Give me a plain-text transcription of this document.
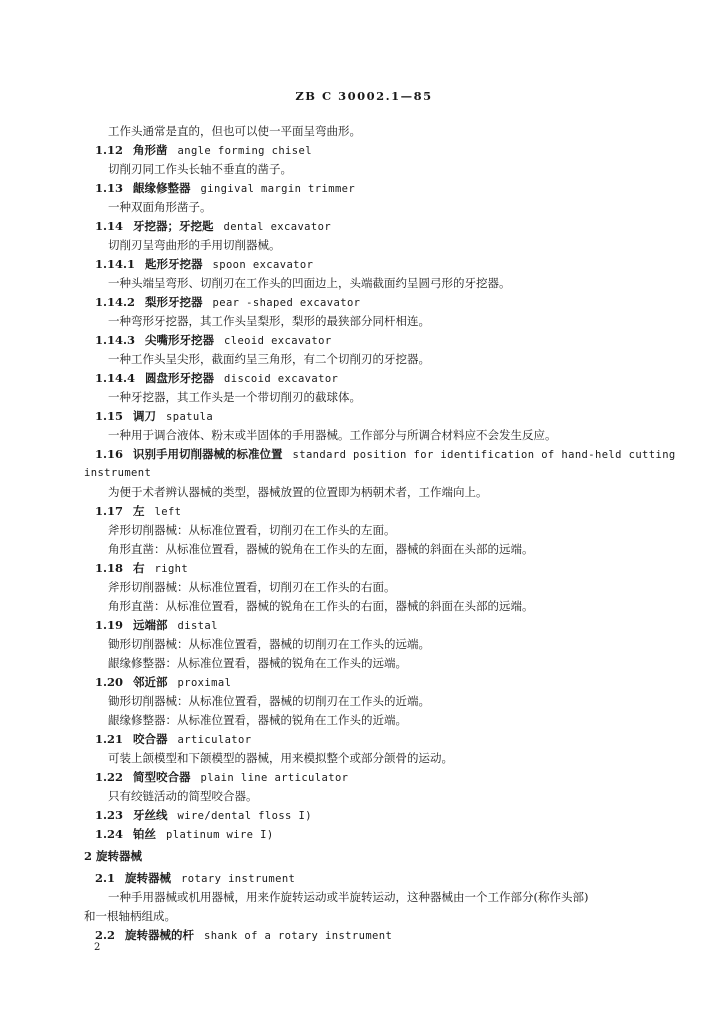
ZB C 30002.1—85
工作头通常是直的，但也可以使一平面呈弯曲形。
1.12 角形凿 angle forming chisel
切削刃同工作头长轴不垂直的凿子。
1.13 龈缘修整器 gingival margin trimmer
一种双面角形凿子。
1.14 牙挖器；牙挖匙 dental excavator
切削刃呈弯曲形的手用切削器械。
1.14.1 匙形牙挖器 spoon excavator
一种头端呈弯形、切削刃在工作头的凹面边上，头端截面约呈圆弓形的牙挖器。
1.14.2 梨形牙挖器 pear -shaped excavator
一种弯形牙挖器，其工作头呈梨形，梨形的最狭部分同杆相连。
1.14.3 尖嘴形牙挖器 cleoid excavator
一种工作头呈尖形，截面约呈三角形，有二个切削刃的牙挖器。
1.14.4 圆盘形牙挖器 discoid excavator
一种牙挖器，其工作头是一个带切削刃的截球体。
1.15 调刀 spatula
一种用于调合液体、粉末或半固体的手用器械。工作部分与所调合材料应不会发生反应。
1.16 识别手用切削器械的标准位置 standard position for identification of hand-held cutting
instrument
为便于术者辨认器械的类型，器械放置的位置即为柄朝术者，工作端向上。
1.17 左 left
斧形切削器械：从标准位置看，切削刃在工作头的左面。
角形直凿：从标准位置看，器械的锐角在工作头的左面，器械的斜面在头部的远端。
1.18 右 right
斧形切削器械：从标准位置看，切削刃在工作头的右面。
角形直凿：从标准位置看，器械的锐角在工作头的右面，器械的斜面在头部的远端。
1.19 远端部 distal
锄形切削器械：从标准位置看，器械的切削刃在工作头的远端。
龈缘修整器：从标准位置看，器械的锐角在工作头的远端。
1.20 邻近部 proximal
锄形切削器械：从标准位置看，器械的切削刃在工作头的近端。
龈缘修整器：从标准位置看，器械的锐角在工作头的近端。
1.21 咬合器 articulator
可装上颌模型和下颌模型的器械，用来模拟整个或部分颌骨的运动。
1.22 简型咬合器 plain line articulator
只有绞链活动的简型咬合器。
1.23 牙丝线 wire/dental floss I)
1.24 铂丝 platinum wire I)
2 旋转器械
2.1 旋转器械 rotary instrument
一种手用器械或机用器械，用来作旋转运动或半旋转运动，这种器械由一个工作部分(称作头部)
和一根轴柄组成。
2.2 旋转器械的杆 shank of a rotary instrument
2
